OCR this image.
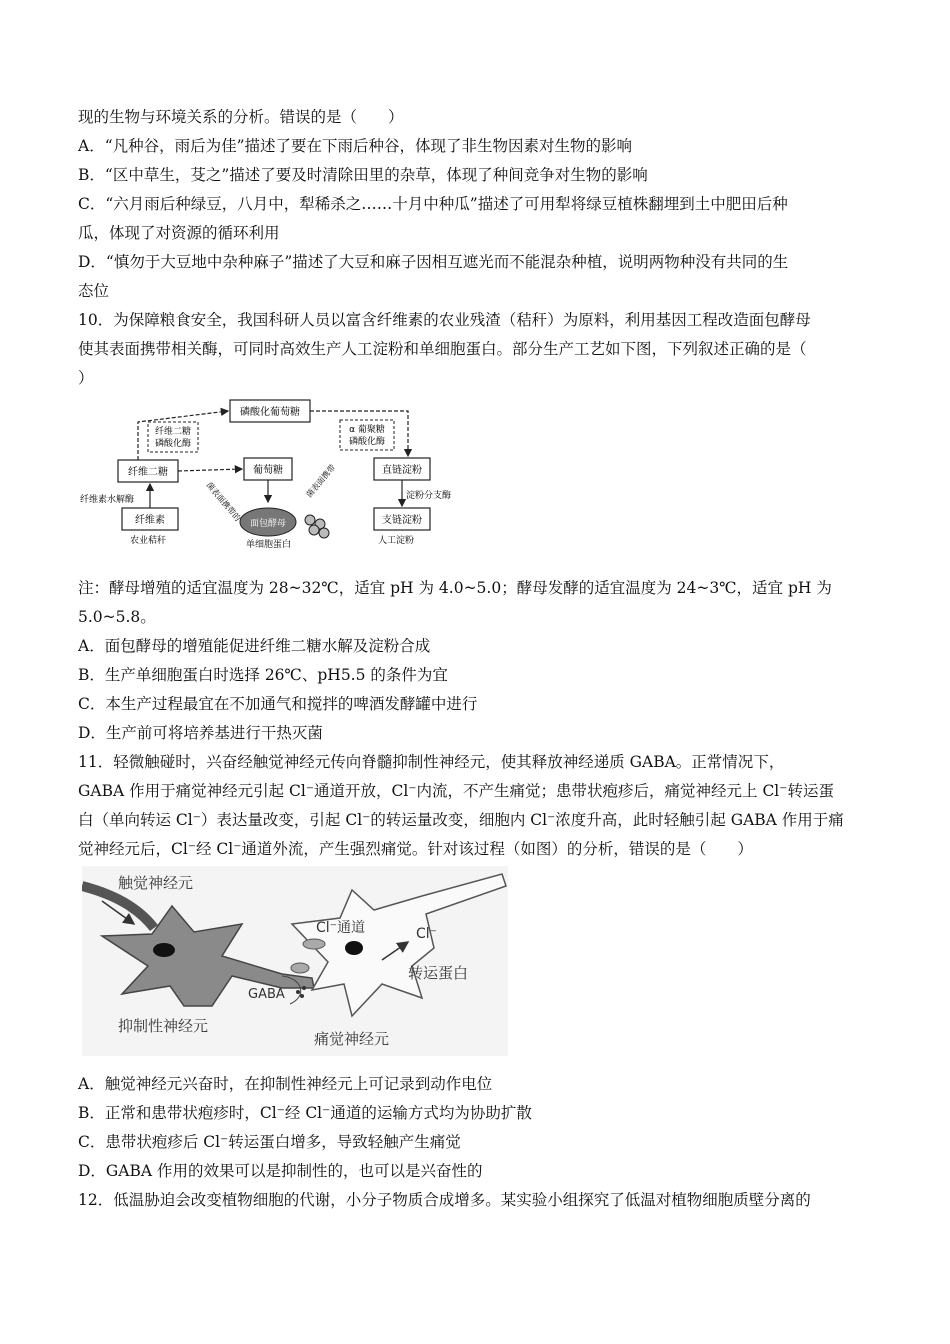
现的生物与环境关系的分析。错误的是（　　）
A．“凡种谷，雨后为佳”描述了要在下雨后种谷，体现了非生物因素对生物的影响
B．“区中草生，芟之”描述了要及时清除田里的杂草，体现了种间竞争对生物的影响
C．“六月雨后种绿豆，八月中，犁稀杀之……十月中种瓜”描述了可用犁将绿豆植株翻埋到土中肥田后种
瓜，体现了对资源的循环利用
D．“慎勿于大豆地中杂种麻子”描述了大豆和麻子因相互遮光而不能混杂种植，说明两物种没有共同的生
态位
10．为保障粮食安全，我国科研人员以富含纤维素的农业残渣（秸秆）为原料，利用基因工程改造面包酵母
使其表面携带相关酶，可同时高效生产人工淀粉和单细胞蛋白。部分生产工艺如下图，下列叙述正确的是（
）
纤维素
纤维二糖	葡萄糖
磷酸化葡萄糖
直链淀粉
支链淀粉
纤维二糖
磷酸化酶
α 葡聚糖
磷酸化酶
面包酵母
菌表面携带的	菌表面携带
纤维素水解酶	淀粉分支酶
农业秸秆	单细胞蛋白	人工淀粉
注：酵母增殖的适宜温度为 28~32℃，适宜 pH 为 4.0~5.0；酵母发酵的适宜温度为 24~3℃，适宜 pH 为
5.0~5.8。
A．面包酵母的增殖能促进纤维二糖水解及淀粉合成
B．生产单细胞蛋白时选择 26℃、pH5.5 的条件为宜
C．本生产过程最宜在不加通气和搅拌的啤酒发酵罐中进行
D．生产前可将培养基进行干热灭菌
11．轻微触碰时，兴奋经触觉神经元传向脊髓抑制性神经元，使其释放神经递质 GABA。正常情况下，
GABA 作用于痛觉神经元引起 Cl⁻通道开放，Cl⁻内流，不产生痛觉；患带状疱疹后，痛觉神经元上 Cl⁻转运蛋
白（单向转运 Cl⁻）表达量改变，引起 Cl⁻的转运量改变，细胞内 Cl⁻浓度升高，此时轻触引起 GABA 作用于痛
觉神经元后，Cl⁻经 Cl⁻通道外流，产生强烈痛觉。针对该过程（如图）的分析，错误的是（　　）
触觉神经元
抑制性神经元
GABA
Cl⁻通道	Cl⁻
转运蛋白
痛觉神经元
A．触觉神经元兴奋时，在抑制性神经元上可记录到动作电位
B．正常和患带状疱疹时，Cl⁻经 Cl⁻通道的运输方式均为协助扩散
C．患带状疱疹后 Cl⁻转运蛋白增多，导致轻触产生痛觉
D．GABA 作用的效果可以是抑制性的，也可以是兴奋性的
12．低温胁迫会改变植物细胞的代谢，小分子物质合成增多。某实验小组探究了低温对植物细胞质壁分离的
